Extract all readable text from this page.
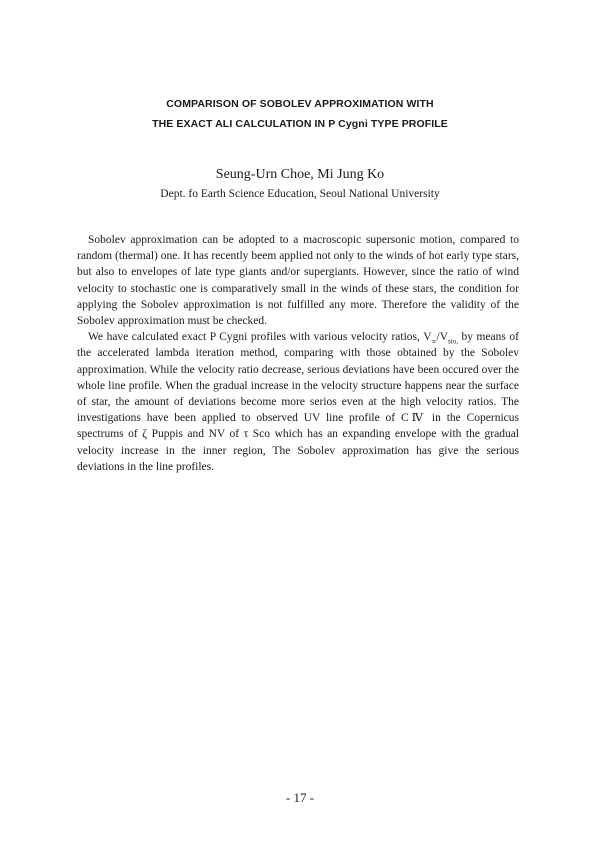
COMPARISON OF SOBOLEV APPROXIMATION WITH
THE EXACT ALI CALCULATION IN P Cygni TYPE PROFILE
Seung-Urn Choe, Mi Jung Ko
Dept. fo Earth Science Education, Seoul National University

Sobolev approximation can be adopted to a macroscopic supersonic motion, compared to random (thermal) one. It has recently beem applied not only to the winds of hot early type stars, but also to envelopes of late type giants and/or supergiants. However, since the ratio of wind velocity to stochastic one is comparatively small in the winds of these stars, the condition for applying the Sobolev approximation is not fulfilled any more. Therefore the validity of the Sobolev approximation must be checked.

We have calculated exact P Cygni profiles with various velocity ratios, $V_\infty/V_{sto,}$ by means of the accelerated lambda iteration method, comparing with those obtained by the Sobolev approximation. While the velocity ratio decrease, serious deviations have been occured over the whole line profile. When the gradual increase in the velocity structure happens near the surface of star, the amount of deviations become more serios even at the high velocity ratios. The investigations have been applied to observed UV line profile of CⅣ in the Copernicus spectrums of ζ Puppis and NV of τ Sco which has an expanding envelope with the gradual velocity increase in the inner region, The Sobolev approximation has give the serious deviations in the line profiles.

- 17 -
